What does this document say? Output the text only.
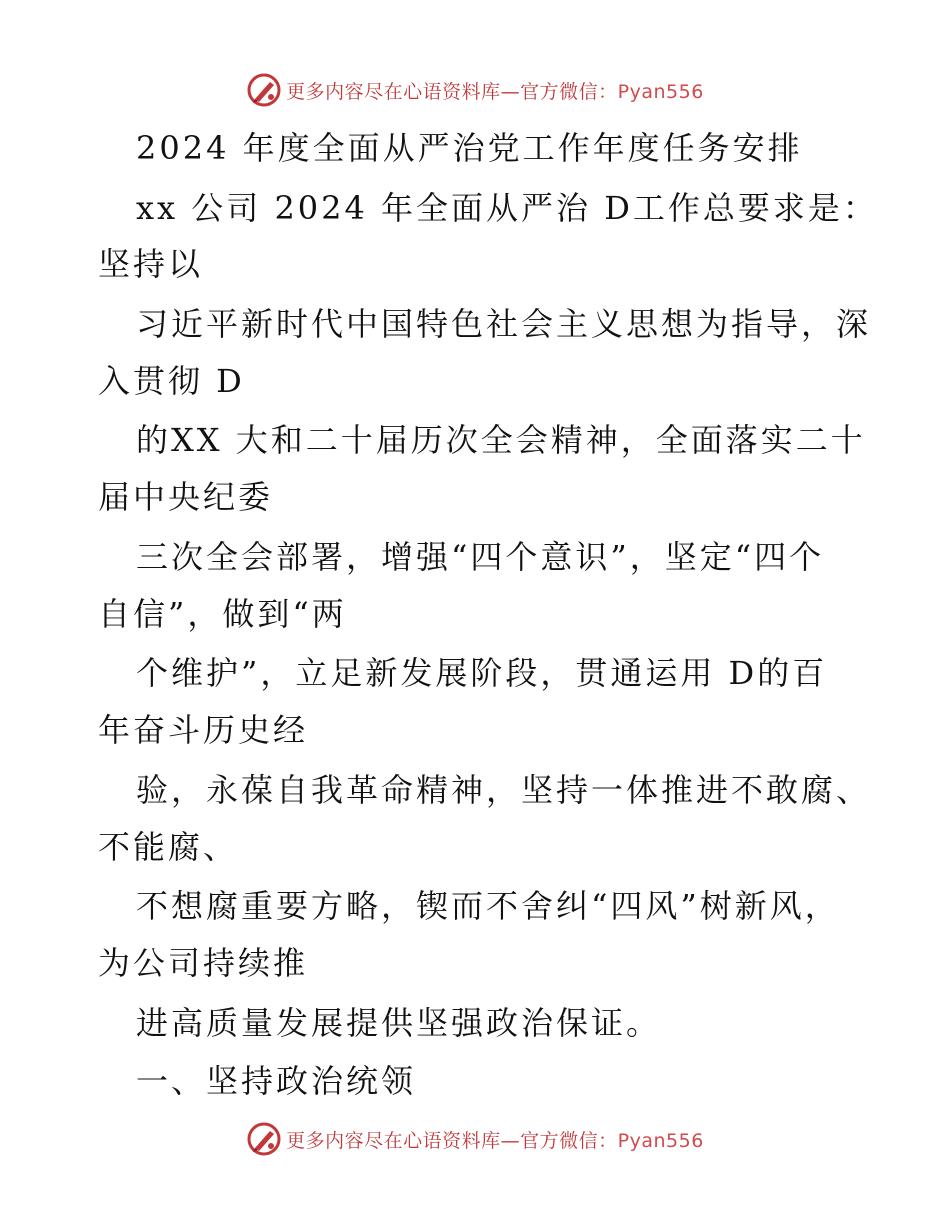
更多内容尽在心语资料库—官方微信：Pyan556
2024 年度全面从严治党工作年度任务安排
xx 公司 2024 年全面从严治 D工作总要求是：
坚持以
习近平新时代中国特色社会主义思想为指导，深
入贯彻 D
的XX 大和二十届历次全会精神，全面落实二十
届中央纪委
三次全会部署，增强“四个意识”，坚定“四个
自信”，做到“两
个维护”，立足新发展阶段，贯通运用 D的百
年奋斗历史经
验，永葆自我革命精神，坚持一体推进不敢腐、
不能腐、
不想腐重要方略，锲而不舍纠“四风”树新风，
为公司持续推
进高质量发展提供坚强政治保证。
一、坚持政治统领
更多内容尽在心语资料库—官方微信：Pyan556
